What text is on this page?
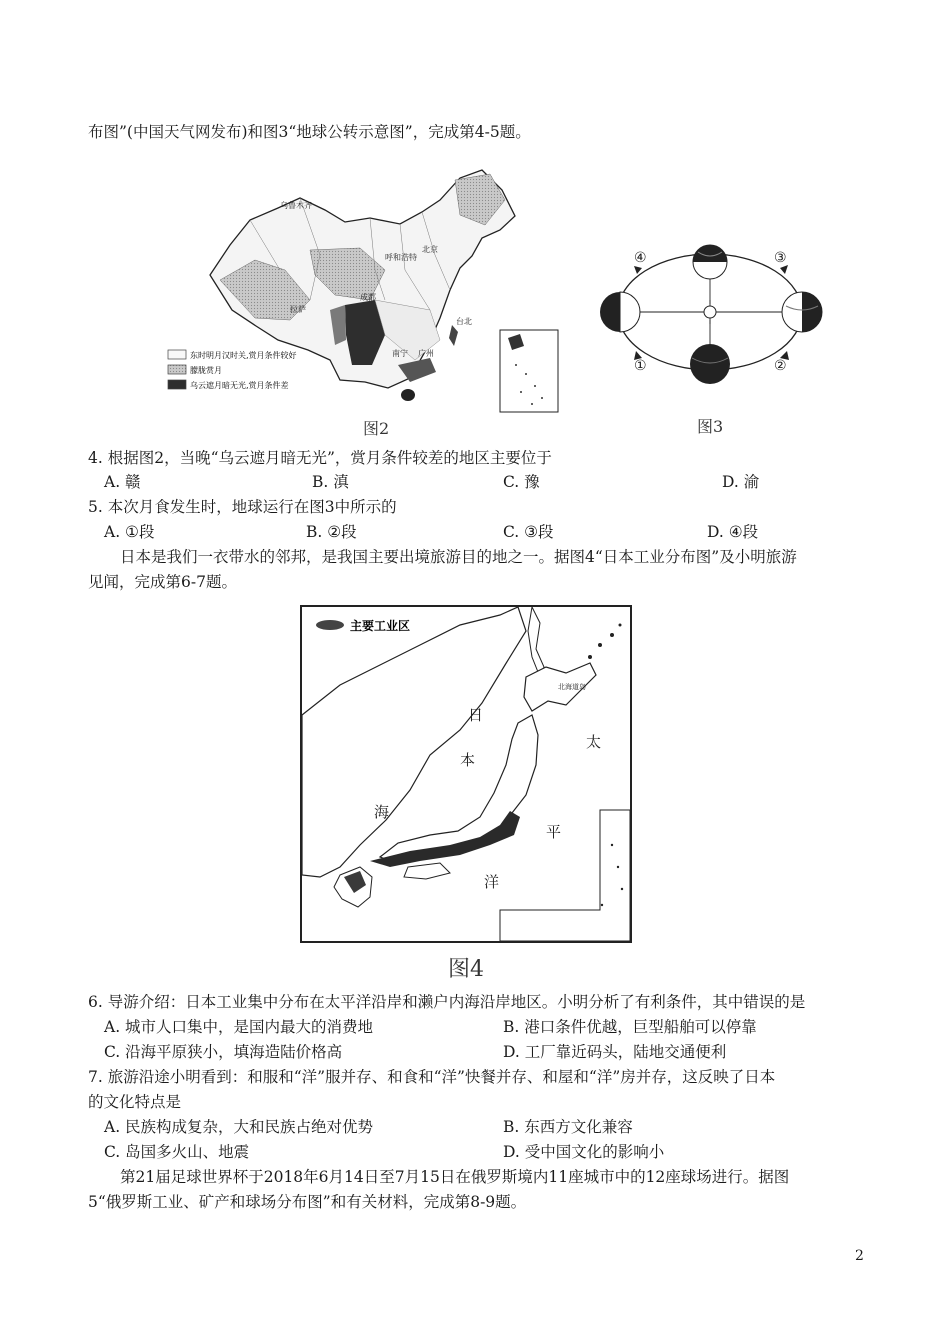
布图”(中国天气网发布)和图3“地球公转示意图”，完成第4-5题。
乌鲁木齐
呼和浩特
北京
拉萨
成都
南宁 广州
台北
东时明月汉时关,赏月条件较好
朦胧赏月
乌云遮月暗无光,赏月条件差
图2
①	②
③
④
图3
4. 根据图2，当晚“乌云遮月暗无光”，赏月条件较差的地区主要位于
A. 赣	B. 滇	C. 豫	D. 渝
5. 本次月食发生时，地球运行在图3中所示的
A. ①段	B. ②段	C. ③段	D. ④段
日本是我们一衣带水的邻邦，是我国主要出境旅游目的地之一。据图4“日本工业分布图”及小明旅游
见闻，完成第6-7题。
主要工业区
日
本
海
太
平
洋
北海道岛
图4
6. 导游介绍：日本工业集中分布在太平洋沿岸和濑户内海沿岸地区。小明分析了有利条件，其中错误的是
A. 城市人口集中，是国内最大的消费地	B. 港口条件优越，巨型船舶可以停靠
C. 沿海平原狭小，填海造陆价格高	D. 工厂靠近码头，陆地交通便利
7. 旅游沿途小明看到：和服和“洋”服并存、和食和“洋”快餐并存、和屋和“洋”房并存，这反映了日本
的文化特点是
A. 民族构成复杂，大和民族占绝对优势	B. 东西方文化兼容
C. 岛国多火山、地震	D. 受中国文化的影响小
第21届足球世界杯于2018年6月14日至7月15日在俄罗斯境内11座城市中的12座球场进行。据图
5“俄罗斯工业、矿产和球场分布图”和有关材料，完成第8-9题。
2
